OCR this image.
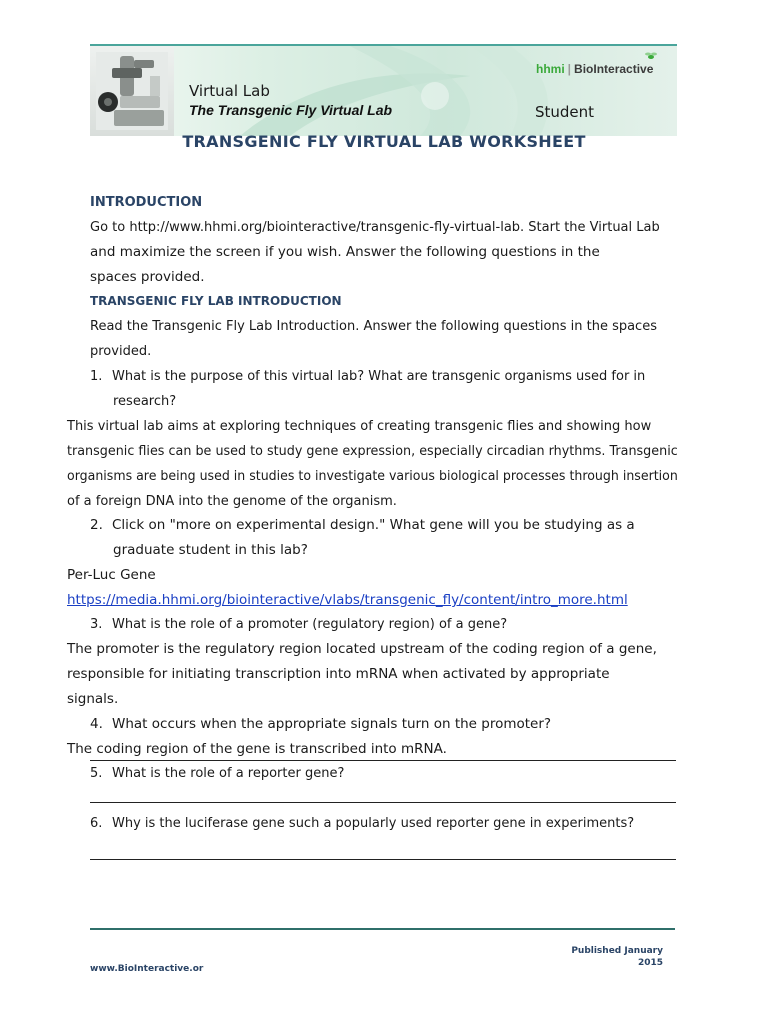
Virtual Lab
The Transgenic Fly Virtual Lab	Student
hhmi | BioInteractive
TRANSGENIC FLY VIRTUAL LAB WORKSHEET
INTRODUCTION
Go to http://www.hhmi.org/biointeractive/transgenic-fly-virtual-lab. Start the Virtual Lab
and maximize the screen if you wish. Answer the following questions in the
spaces provided.
TRANSGENIC FLY LAB INTRODUCTION
Read the Transgenic Fly Lab Introduction. Answer the following questions in the spaces
provided.
1. What is the purpose of this virtual lab? What are transgenic organisms used for in
research?
This virtual lab aims at exploring techniques of creating transgenic flies and showing how
transgenic flies can be used to study gene expression, especially circadian rhythms. Transgenic
organisms are being used in studies to investigate various biological processes through insertion
of a foreign DNA into the genome of the organism.
2. Click on "more on experimental design." What gene will you be studying as a
graduate student in this lab?
Per-Luc Gene
https://media.hhmi.org/biointeractive/vlabs/transgenic_fly/content/intro_more.html
3. What is the role of a promoter (regulatory region) of a gene?
The promoter is the regulatory region located upstream of the coding region of a gene,
responsible for initiating transcription into mRNA when activated by appropriate
signals.
4. What occurs when the appropriate signals turn on the promoter?
The coding region of the gene is transcribed into mRNA.
5. What is the role of a reporter gene?
6. Why is the luciferase gene such a popularly used reporter gene in experiments?
Published January 2015
www.BioInteractive.or
